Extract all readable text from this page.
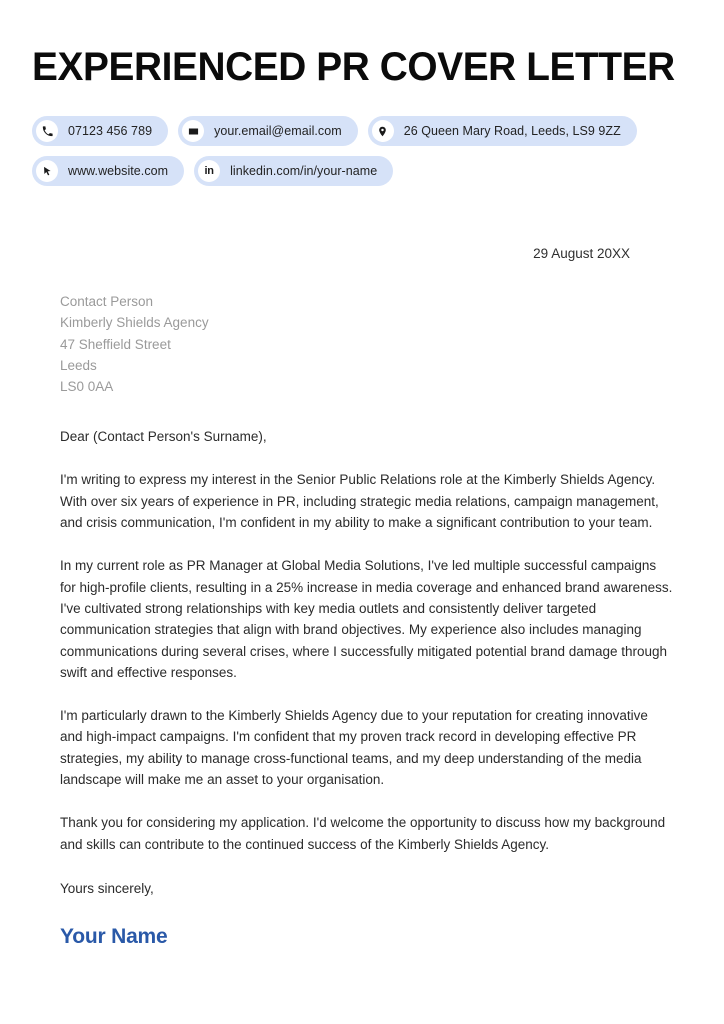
EXPERIENCED PR COVER LETTER
07123 456 789	your.email@email.com	26 Queen Mary Road, Leeds, LS9 9ZZ
www.website.com	in linkedin.com/in/your-name
29 August 20XX
Contact Person
Kimberly Shields Agency
47 Sheffield Street
Leeds
LS0 0AA
Dear (Contact Person's Surname),

I'm writing to express my interest in the Senior Public Relations role at the Kimberly Shields Agency. With over six years of experience in PR, including strategic media relations, campaign management, and crisis communication, I'm confident in my ability to make a significant contribution to your team.

In my current role as PR Manager at Global Media Solutions, I've led multiple successful campaigns for high-profile clients, resulting in a 25% increase in media coverage and enhanced brand awareness. I've cultivated strong relationships with key media outlets and consistently deliver targeted communication strategies that align with brand objectives. My experience also includes managing communications during several crises, where I successfully mitigated potential brand damage through swift and effective responses.

I'm particularly drawn to the Kimberly Shields Agency due to your reputation for creating innovative and high-impact campaigns. I'm confident that my proven track record in developing effective PR strategies, my ability to manage cross-functional teams, and my deep understanding of the media landscape will make me an asset to your organisation.

Thank you for considering my application. I'd welcome the opportunity to discuss how my background and skills can contribute to the continued success of the Kimberly Shields Agency.

Yours sincerely,
Your Name
